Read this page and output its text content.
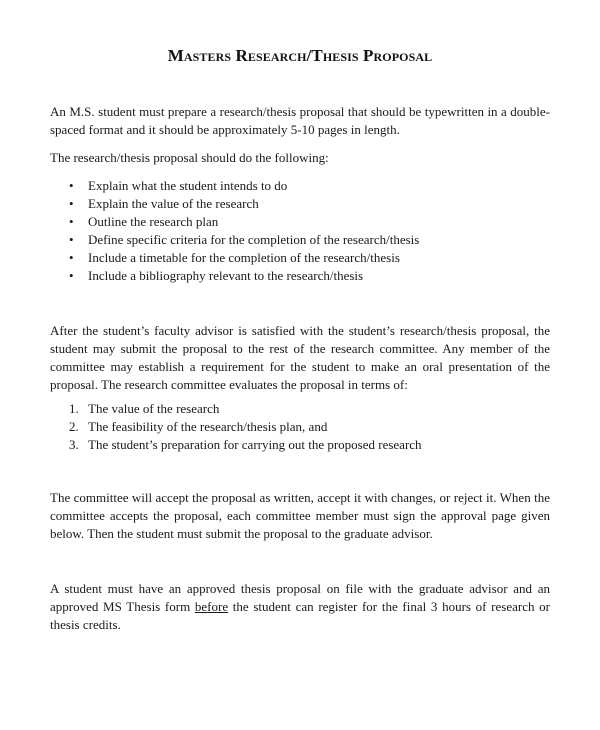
Masters Research/Thesis Proposal

An M.S. student must prepare a research/thesis proposal that should be typewritten in a double-spaced format and it should be approximately 5-10 pages in length.

The research/thesis proposal should do the following:

• Explain what the student intends to do
• Explain the value of the research
• Outline the research plan
• Define specific criteria for the completion of the research/thesis
• Include a timetable for the completion of the research/thesis
• Include a bibliography relevant to the research/thesis

After the student’s faculty advisor is satisfied with the student’s research/thesis proposal, the student may submit the proposal to the rest of the research committee. Any member of the committee may establish a requirement for the student to make an oral presentation of the proposal. The research committee evaluates the proposal in terms of:

1. The value of the research
2. The feasibility of the research/thesis plan, and
3. The student’s preparation for carrying out the proposed research

The committee will accept the proposal as written, accept it with changes, or reject it. When the committee accepts the proposal, each committee member must sign the approval page given below. Then the student must submit the proposal to the graduate advisor.

A student must have an approved thesis proposal on file with the graduate advisor and an approved MS Thesis form before the student can register for the final 3 hours of research or thesis credits.
